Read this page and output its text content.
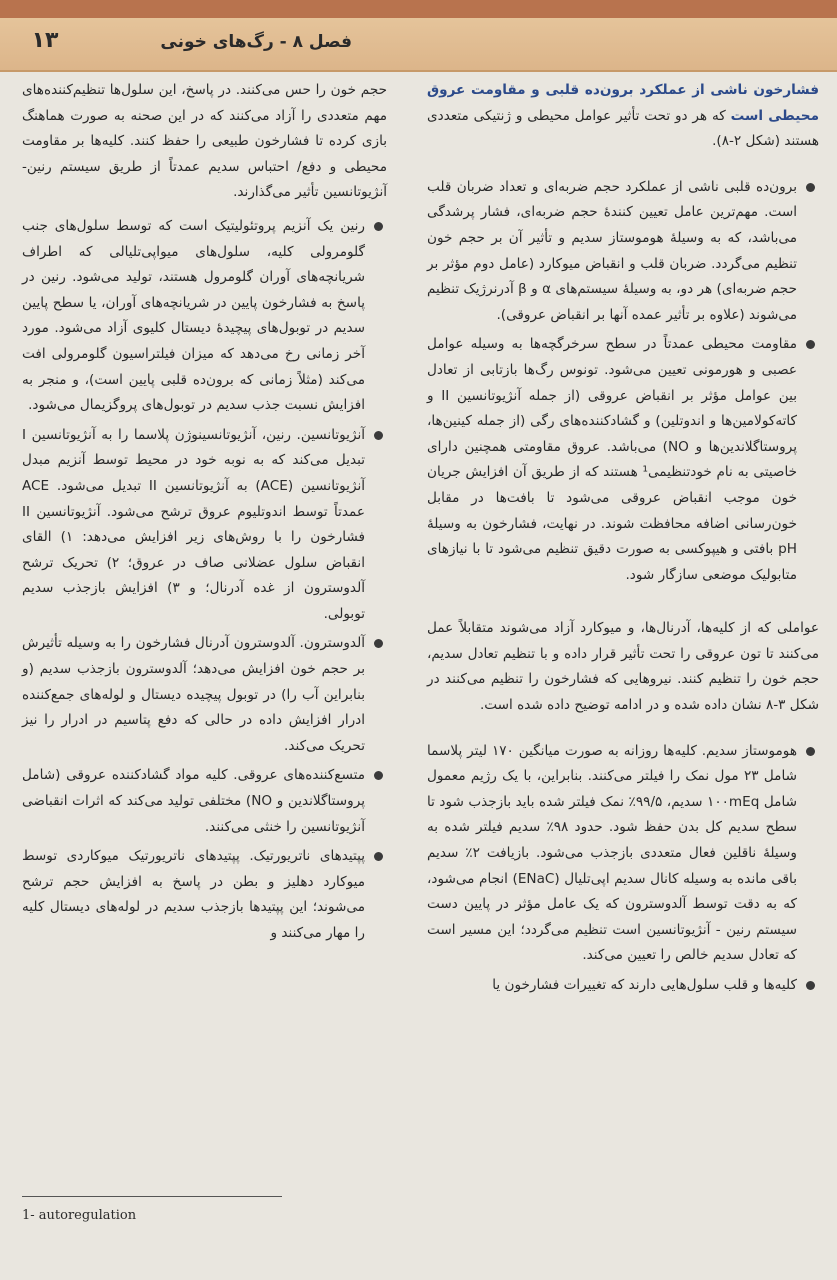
۱۳	فصل ۸ - رگ‌های خونی

فشارخون ناشی از عملکرد برون‌ده قلبی و مقاومت عروق محیطی است که هر دو تحت تأثیر عوامل محیطی و ژنتیکی متعددی هستند (شکل ۲-۸).

برون‌ده قلبی ناشی از عملکرد حجم ضربه‌ای و تعداد ضربان قلب است. مهم‌ترین عامل تعیین کنندهٔ حجم ضربه‌ای، فشار پرشدگی می‌باشد، که به وسیلهٔ هوموستاز سدیم و تأثیر آن بر حجم خون تنظیم می‌گردد. ضربان قلب و انقباض میوکارد (عامل دوم مؤثر بر حجم ضربه‌ای) هر دو، به وسیلهٔ سیستم‌های α و β آدرنرژیک تنظیم می‌شوند (علاوه بر تأثیر عمده آنها بر انقباض عروقی).
مقاومت محیطی عمدتاً در سطح سرخرگچه‌ها به وسیله عوامل عصبی و هورمونی تعیین می‌شود. تونوس رگ‌ها بازتابی از تعادل بین عوامل مؤثر بر انقباض عروقی (از جمله آنژیوتانسین II و کاته‌کولامین‌ها و اندوتلین) و گشادکننده‌های رگی (از جمله کینین‌ها، پروستاگلاندین‌ها و NO) می‌باشد. عروق مقاومتی همچنین دارای خاصیتی به نام خودتنظیمی¹ هستند که از طریق آن افزایش جریان خون موجب انقباض عروقی می‌شود تا بافت‌ها در مقابل خون‌رسانی اضافه محافظت شوند. در نهایت، فشارخون به وسیلهٔ pH بافتی و هیپوکسی به صورت دقیق تنظیم می‌شود تا با نیازهای متابولیک موضعی سازگار شود.

عواملی که از کلیه‌ها، آدرنال‌ها، و میوکارد آزاد می‌شوند متقابلاً عمل می‌کنند تا تون عروقی را تحت تأثیر قرار داده و با تنظیم تعادل سدیم، حجم خون را تنظیم کنند. نیروهایی که فشارخون را تنظیم می‌کنند در شکل ۳-۸ نشان داده شده و در ادامه توضیح داده شده است.

هوموستاز سدیم. کلیه‌ها روزانه به صورت میانگین ۱۷۰ لیتر پلاسما شامل ۲۳ مول نمک را فیلتر می‌کنند. بنابراین، با یک رژیم معمول شامل ۱۰۰mEq سدیم، ۹۹/۵٪ نمک فیلتر شده باید بازجذب شود تا سطح سدیم کل بدن حفظ شود. حدود ۹۸٪ سدیم فیلتر شده به وسیلهٔ ناقلین فعال متعددی بازجذب می‌شود. بازیافت ۲٪ سدیم باقی مانده به وسیله کانال سدیم اپی‌تلیال (ENaC) انجام می‌شود، که به دقت توسط آلدوسترون که یک عامل مؤثر در پایین دست سیستم رنین - آنژیوتانسین است تنظیم می‌گردد؛ این مسیر است که تعادل سدیم خالص را تعیین می‌کند.
کلیه‌ها و قلب سلول‌هایی دارند که تغییرات فشارخون یا

حجم خون را حس می‌کنند. در پاسخ، این سلول‌ها تنظیم‌کننده‌های مهم متعددی را آزاد می‌کنند که در این صحنه به صورت هماهنگ بازی کرده تا فشارخون طبیعی را حفظ کنند. کلیه‌ها بر مقاومت محیطی و دفع/ احتباس سدیم عمدتاً از طریق سیستم رنین- آنژیوتانسین تأثیر می‌گذارند.

رنین یک آنزیم پروتئولیتیک است که توسط سلول‌های جنب گلومرولی کلیه، سلول‌های میواپی‌تلیالی که اطراف شریانچه‌های آوران گلومرول هستند، تولید می‌شود. رنین در پاسخ به فشارخون پایین در شریانچه‌های آوران، یا سطح پایین سدیم در توبول‌های پیچیدهٔ دیستال کلیوی آزاد می‌شود. مورد آخر زمانی رخ می‌دهد که میزان فیلتراسیون گلومرولی افت می‌کند (مثلاً زمانی که برون‌ده قلبی پایین است)، و منجر به افزایش نسبت جذب سدیم در توبول‌های پروگزیمال می‌شود.
آنژیوتانسین. رنین، آنژیوتانسینوژن پلاسما را به آنژیوتانسین I تبدیل می‌کند که به نوبه خود در محیط توسط آنزیم مبدل آنژیوتانسین (ACE) به آنژیوتانسین II تبدیل می‌شود. ACE عمدتاً توسط اندوتلیوم عروق ترشح می‌شود. آنژیوتانسین II فشارخون را با روش‌های زیر افزایش می‌دهد: ۱) القای انقباض سلول عضلانی صاف در عروق؛ ۲) تحریک ترشح آلدوسترون از غده آدرنال؛ و ۳) افزایش بازجذب سدیم توبولی.
آلدوسترون. آلدوسترون آدرنال فشارخون را به وسیله تأثیرش بر حجم خون افزایش می‌دهد؛ آلدوسترون بازجذب سدیم (و بنابراین آب را) در توبول پیچیده دیستال و لوله‌های جمع‌کننده ادرار افزایش داده در حالی که دفع پتاسیم در ادرار را نیز تحریک می‌کند.
متسع‌کننده‌های عروقی. کلیه مواد گشادکننده عروقی (شامل پروستاگلاندین و NO) مختلفی تولید می‌کند که اثرات انقباضی آنژیوتانسین را خنثی می‌کنند.
پپتیدهای ناتریورتیک. پپتیدهای ناتریورتیک میوکاردی توسط میوکارد دهلیز و بطن در پاسخ به افزایش حجم ترشح می‌شوند؛ این پپتیدها بازجذب سدیم در لوله‌های دیستال کلیه را مهار می‌کنند و
1- autoregulation
